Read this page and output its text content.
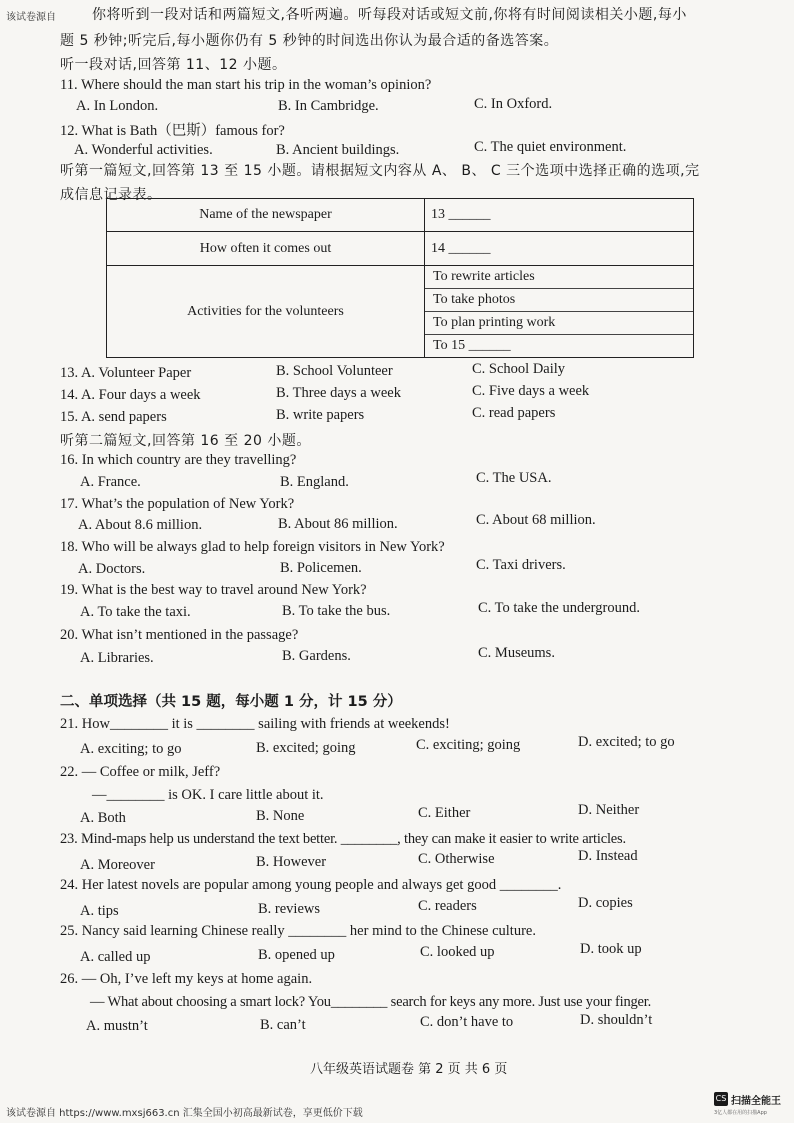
该试卷源自	你将听到一段对话和两篇短文,各听两遍。听每段对话或短文前,你将有时间阅读相关小题,每小
题 5 秒钟;听完后,每小题你仍有 5 秒钟的时间选出你认为最合适的备选答案。
听一段对话,回答第 11、12 小题。
11. Where should the man start his trip in the woman’s opinion?
A. In London.	B. In Cambridge.	C. In Oxford.
12. What is Bath（巴斯）famous for?
A. Wonderful activities.	B. Ancient buildings.	C. The quiet environment.
听第一篇短文,回答第 13 至 15 小题。请根据短文内容从 A、 B、 C 三个选项中选择正确的选项,完
成信息记录表。
Name of the newspaper	13 ______
How often it comes out	14 ______
Activities for the volunteers	To rewrite articles
To take photos
To plan printing work
To 15 ______
13. A. Volunteer Paper	B. School Volunteer	C. School Daily
14. A. Four days a week	B. Three days a week	C. Five days a week
15. A. send papers	B. write papers	C. read papers
听第二篇短文,回答第 16 至 20 小题。
16. In which country are they travelling?
A. France.	B. England.	C. The USA.
17. What’s the population of New York?
A. About 8.6 million.	B. About 86 million.	C. About 68 million.
18. Who will be always glad to help foreign visitors in New York?
A. Doctors.	B. Policemen.	C. Taxi drivers.
19. What is the best way to travel around New York?
A. To take the taxi.	B. To take the bus.	C. To take the underground.
20. What isn’t mentioned in the passage?
A. Libraries.	B. Gardens.	C. Museums.
二、单项选择（共 15 题，每小题 1 分，计 15 分）
21. How________ it is ________ sailing with friends at weekends!
A. exciting; to go	B. excited; going	C. exciting; going	D. excited; to go
22. — Coffee or milk, Jeff?
—________ is OK. I care little about it.
A. Both	B. None	C. Either	D. Neither
23. Mind-maps help us understand the text better. ________, they can make it easier to write articles.
A. Moreover	B. However	C. Otherwise	D. Instead
24. Her latest novels are popular among young people and always get good ________.
A. tips	B. reviews	C. readers	D. copies
25. Nancy said learning Chinese really ________ her mind to the Chinese culture.
A. called up	B. opened up	C. looked up	D. took up
26. — Oh, I’ve left my keys at home again.
— What about choosing a smart lock? You________ search for keys any more. Just use your finger.
A. mustn’t	B. can’t	C. don’t have to	D. shouldn’t
八年级英语试题卷 第 2 页 共 6 页
该试卷源自 https://www.mxsj663.cn 汇集全国小初高最新试卷，享更低价下载
CS 扫描全能王
3亿人都在用的扫描App
